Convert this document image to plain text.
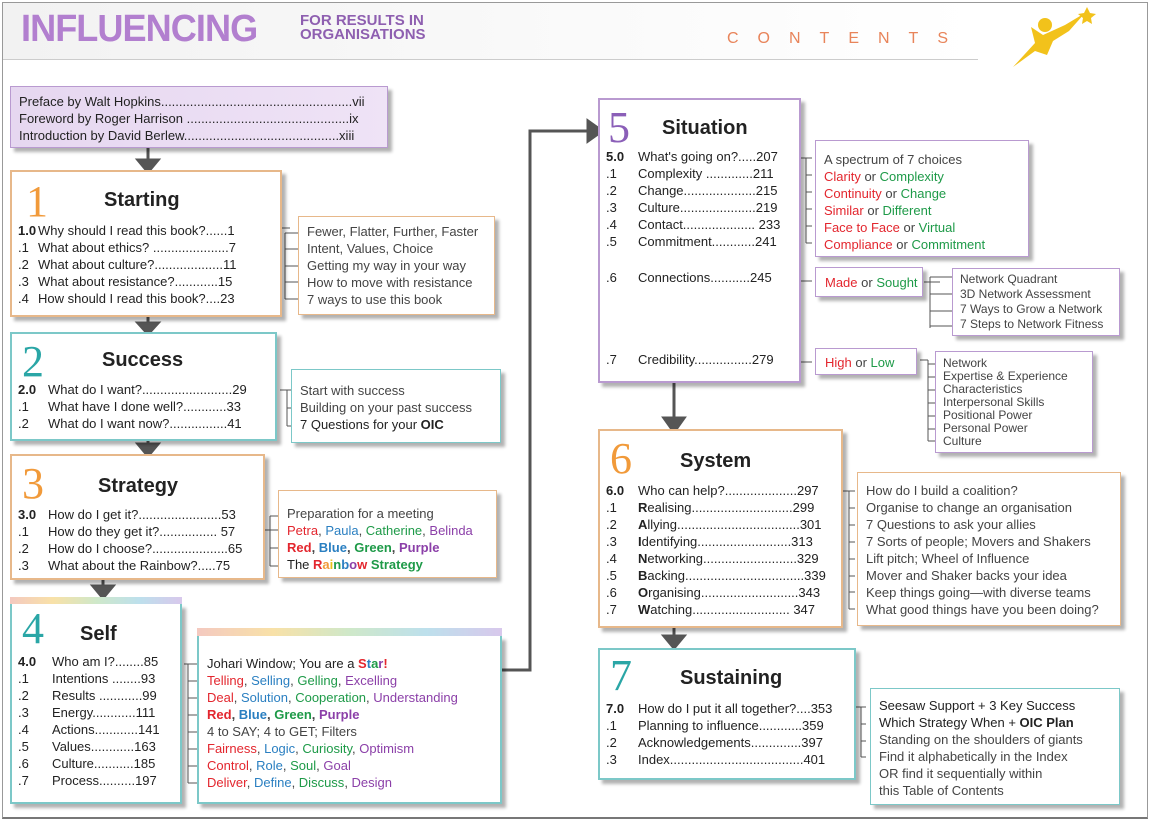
INFLUENCING	FOR RESULTS IN
ORGANISATIONS	CONTENTS
Preface by Walt Hopkins.....................................................vii
Foreword by Roger Harrison .............................................ix
Introduction by David Berlew...........................................xiii
1	Starting
1.0 Why should I read this book?......1
.1 What about ethics? .....................7
.2 What about culture?...................11
.3 What about resistance?............15
.4 How should I read this book?....23
Fewer, Flatter, Further, Faster
Intent, Values, Choice
Getting my way in your way
How to move with resistance
7 ways to use this book
2	Success
2.0 What do I want?.........................29
.1 What have I done well?............33
.2 What do I want now?................41
Start with success
Building on your past success
7 Questions for your OIC
3	Strategy
3.0 How do I get it?.......................53
.1 How do they get it?................ 57
.2 How do I choose?.....................65
.3 What about the Rainbow?.....75
Preparation for a meeting
Petra, Paula, Catherine, Belinda
Red, Blue, Green, Purple
The Rainbow Strategy
4 Self
4.0 Who am I?........85
.1 Intentions ........93
.2 Results ............99
.3 Energy............111
.4 Actions............141
.5 Values............163
.6 Culture...........185
.7 Process..........197
Johari Window; You are a Star!
Telling, Selling, Gelling, Excelling
Deal, Solution, Cooperation, Understanding
Red, Blue, Green, Purple
4 to SAY; 4 to GET; Filters
Fairness, Logic, Curiosity, Optimism
Control, Role, Soul, Goal
Deliver, Define, Discuss, Design
5 Situation
5.0 What's going on?.....207
.1 Complexity .............211
.2 Change....................215
.3 Culture.....................219
.4 Contact.................... 233
.5 Commitment............241
.6 Connections...........245
.7 Credibility................279
A spectrum of 7 choices
Clarity or Complexity
Continuity or Change
Similar or Different
Face to Face or Virtual
Compliance or Commitment
Made or Sought	Network Quadrant
3D Network Assessment
7 Ways to Grow a Network
7 Steps to Network Fitness
High or Low	Network
Expertise & Experience
Characteristics
Interpersonal Skills
Positional Power
Personal Power
Culture
6 System
6.0 Who can help?....................297
.1 Realising............................299
.2 Allying..................................301
.3 Identifying..........................313
.4 Networking..........................329
.5 Backing.................................339
.6 Organising...........................343
.7 Watching........................... 347
How do I build a coalition?
Organise to change an organisation
7 Questions to ask your allies
7 Sorts of people; Movers and Shakers
Lift pitch; Wheel of Influence
Mover and Shaker backs your idea
Keep things going—with diverse teams
What good things have you been doing?
7 Sustaining
7.0 How do I put it all together?....353
.1 Planning to influence............359
.2 Acknowledgements..............397
.3 Index.....................................401
Seesaw Support + 3 Key Success
Which Strategy When + OIC Plan
Standing on the shoulders of giants
Find it alphabetically in the Index
OR find it sequentially within
this Table of Contents
